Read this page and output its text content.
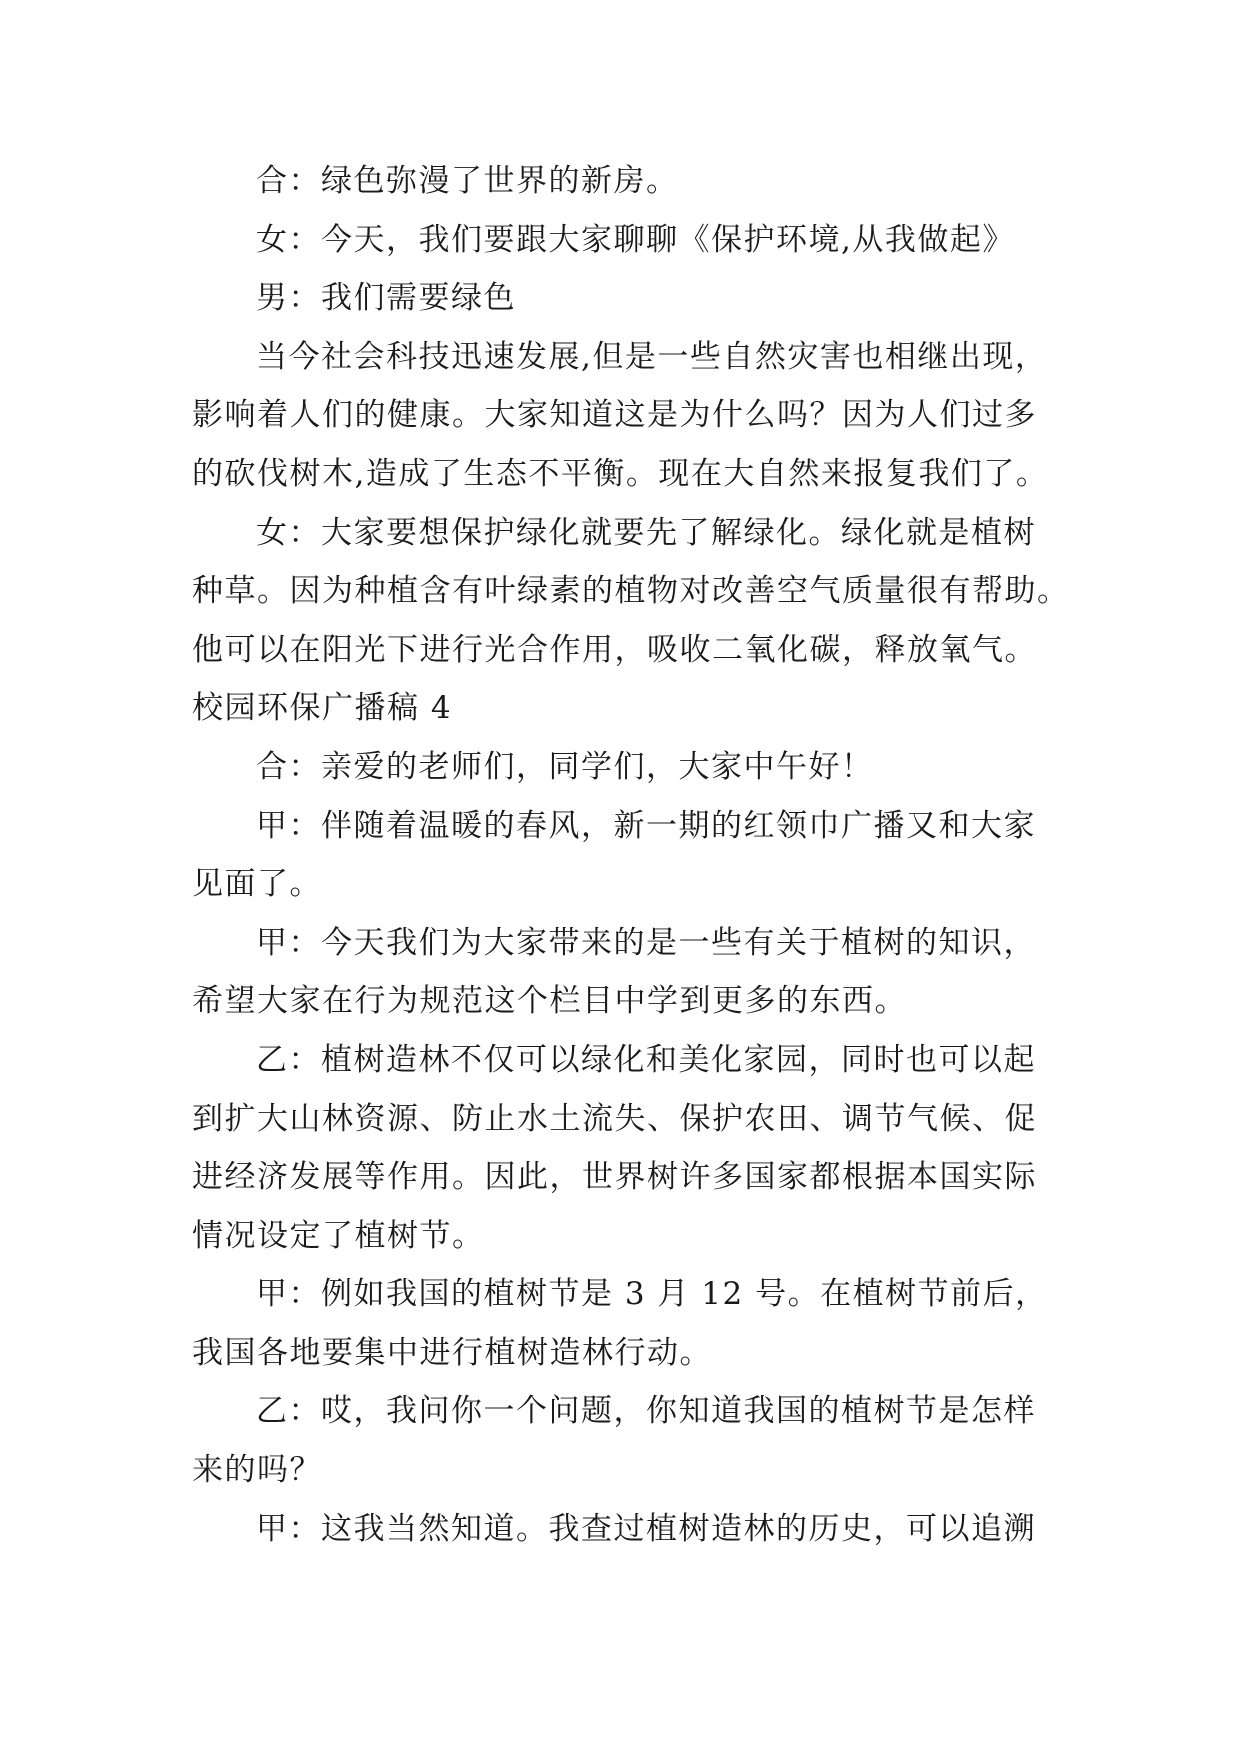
合：绿色弥漫了世界的新房。
女：今天，我们要跟大家聊聊《保护环境,从我做起》
男：我们需要绿色
当今社会科技迅速发展,但是一些自然灾害也相继出现，
影响着人们的健康。大家知道这是为什么吗？因为人们过多
的砍伐树木,造成了生态不平衡。现在大自然来报复我们了。
女：大家要想保护绿化就要先了解绿化。绿化就是植树
种草。因为种植含有叶绿素的植物对改善空气质量很有帮助。
他可以在阳光下进行光合作用，吸收二氧化碳，释放氧气。
校园环保广播稿 4
合：亲爱的老师们，同学们，大家中午好！
甲：伴随着温暖的春风，新一期的红领巾广播又和大家
见面了。
甲：今天我们为大家带来的是一些有关于植树的知识，
希望大家在行为规范这个栏目中学到更多的东西。
乙：植树造林不仅可以绿化和美化家园，同时也可以起
到扩大山林资源、防止水土流失、保护农田、调节气候、促
进经济发展等作用。因此，世界树许多国家都根据本国实际
情况设定了植树节。
甲：例如我国的植树节是 3 月 12 号。在植树节前后，
我国各地要集中进行植树造林行动。
乙：哎，我问你一个问题，你知道我国的植树节是怎样
来的吗？
甲：这我当然知道。我查过植树造林的历史，可以追溯
